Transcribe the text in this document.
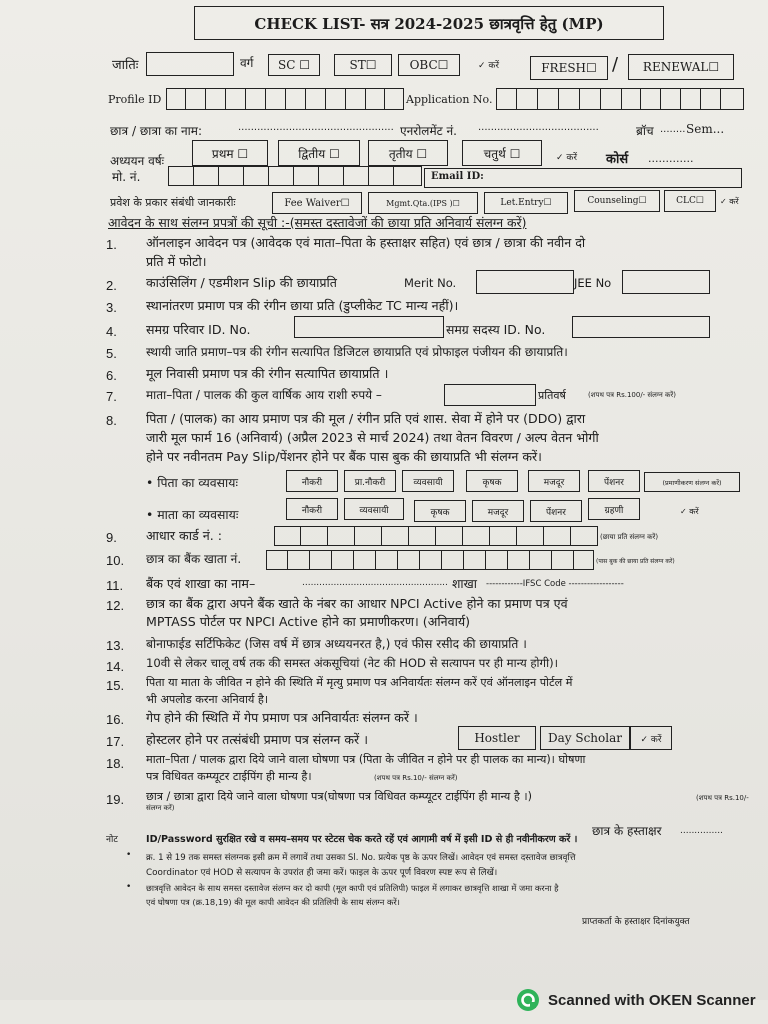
CHECK LIST- सत्र 2024-2025 छात्रवृत्ति हेतु (MP)
जातिः	वर्ग	SC ☐	ST☐	OBC☐	✓ करें	FRESH☐ /	RENEWAL☐
Profile ID	Application No.
छात्र / छात्रा का नाम:	................................................. एनरोलमेंट नं. ......................................	ब्रॉच ........ Sem...
अध्ययन वर्षः
प्रथम ☐	द्वितीय ☐	तृतीय ☐	चतुर्थ ☐	✓ करें कोर्स .............
मो. नं.	Email ID:
प्रवेश के प्रकार संबंधी जानकारीः	Fee Waiver☐	Mgmt.Qta.(IPS )☐	Let.Entry☐	Counseling☐	CLC☐	✓ करें
आवेदन के साथ संलग्न प्रपत्रों की सूची :-(समस्त दस्तावेजों की छाया प्रति अनिवार्य संलग्न करें)
1. ऑनलाइन आवेदन पत्र (आवेदक एवं माता–पिता के हस्ताक्षर सहित) एवं छात्र / छात्रा की नवीन दो
प्रति में फोटो।
2. काउंसिलिंग / एडमीशन Slip की छायाप्रति	Merit No.	JEE No
3. स्थानांतरण प्रमाण पत्र की रंगीन छाया प्रति (डुप्लीकेट TC मान्य नहीं)।
4. समग्र परिवार ID. No.	समग्र सदस्य ID. No.
5. स्थायी जाति प्रमाण–पत्र की रंगीन सत्यापित डिजिटल छायाप्रति एवं प्रोफाइल पंजीयन की छायाप्रति।
6. मूल निवासी प्रमाण पत्र की रंगीन सत्यापित छायाप्रति ।
7. माता–पिता / पालक की कुल वार्षिक आय राशी रुपये –	प्रतिवर्ष	(शपथ पत्र Rs.100/- संलग्न करें)
8. पिता / (पालक) का आय प्रमाण पत्र की मूल / रंगीन प्रति एवं शास. सेवा में होने पर (DDO) द्वारा
जारी मूल फार्म 16 (अनिवार्य) (अप्रैल 2023 से मार्च 2024) तथा वेतन विवरण / अल्प वेतन भोगी
होने पर नवीनतम Pay Slip/पेंशनर होने पर बैंक पास बुक की छायाप्रति भी संलग्न करें।
• पिता का व्यवसायः	नौकरी	प्रा.नौकरी	व्यवसायी	कृषक	मजदूर	पेंशनर	(प्रमाणीकरण संलग्न करें)
• माता का व्यवसायः	नौकरी	व्यवसायी	कृषक	मजदूर	पेंशनर	ग्रहणी	✓ करें
9. आधार कार्ड नं. :	(छाया प्रति संलग्न करें)
10. छात्र का बैंक खाता नं.	(पास बुक की छाया प्रति संलग्न करें)
11. बैंक एवं शाखा का नाम–	................................................... शाखा ------------IFSC Code ------------------
12. छात्र का बैंक द्वारा अपने बैंक खाते के नंबर का आधार NPCI Active होने का प्रमाण पत्र एवं
MPTASS पोर्टल पर NPCI Active होने का प्रमाणीकरण। (अनिवार्य)
13. बोनाफाईड सर्टिफिकेट (जिस वर्ष में छात्र अध्ययनरत है,) एवं फीस रसीद की छायाप्रति ।
14. 10वी से लेकर चालू वर्ष तक की समस्त अंकसूचियां (नेट की HOD से सत्यापन पर ही मान्य होगी)।
15. पिता या माता के जीवित न होने की स्थिति में मृत्यु प्रमाण पत्र अनिवार्यतः संलग्न करें एवं ऑनलाइन पोर्टल में
भी अपलोड करना अनिवार्य है।
16. गेप होने की स्थिति में गेप प्रमाण पत्र अनिवार्यतः संलग्न करें ।
17. होस्टलर होने पर तत्संबंधी प्रमाण पत्र संलग्न करें ।	Hostler	Day Scholar	✓ करें
18. माता–पिता / पालक द्वारा दिये जाने वाला घोषणा पत्र (पिता के जीवित न होने पर ही पालक का मान्य)। घोषणा
पत्र विधिवत कम्प्यूटर टाईपिंग ही मान्य है।	(शपथ पत्र Rs.10/- संलग्न करें)
19. छात्र / छात्रा द्वारा दिये जाने वाला घोषणा पत्र(घोषणा पत्र विधिवत कम्प्यूटर टाईपिंग ही मान्य है ।)	(शपथ पत्र Rs.10/-
संलग्न करें)
छात्र के हस्ताक्षर ...............
नोट	ID/Password सुरक्षित रखे व समय–समय पर स्टेटस चेक करते रहें एवं आगामी वर्ष में इसी ID से ही नवीनीकरण करें ।
• क्र. 1 से 19 तक समस्त संलग्नक इसी क्रम में लगावें तथा उसका Sl. No. प्रत्येक पृष्ठ के ऊपर लिखें। आवेदन एवं समस्त दस्तावेज छात्रवृत्ति
Coordinator एवं HOD से सत्यापन के उपरांत ही जमा करें। फाइल के ऊपर पूर्ण विवरण स्पष्ट रूप से लिखें।
• छात्रवृत्ति आवेदन के साथ समस्त दस्तावेज संलग्न कर दो कापी (मूल कापी एवं प्रतिलिपी) फाइल में लगाकर छात्रवृत्ति शाखा में जमा करना है
एवं घोषणा पत्र (क्र.18,19) की मूल कापी आवेदन की प्रतिलिपी के साथ संलग्न करें।
प्राप्तकर्ता के हस्ताक्षर दिनांकयुक्त
Scanned with OKEN Scanner
